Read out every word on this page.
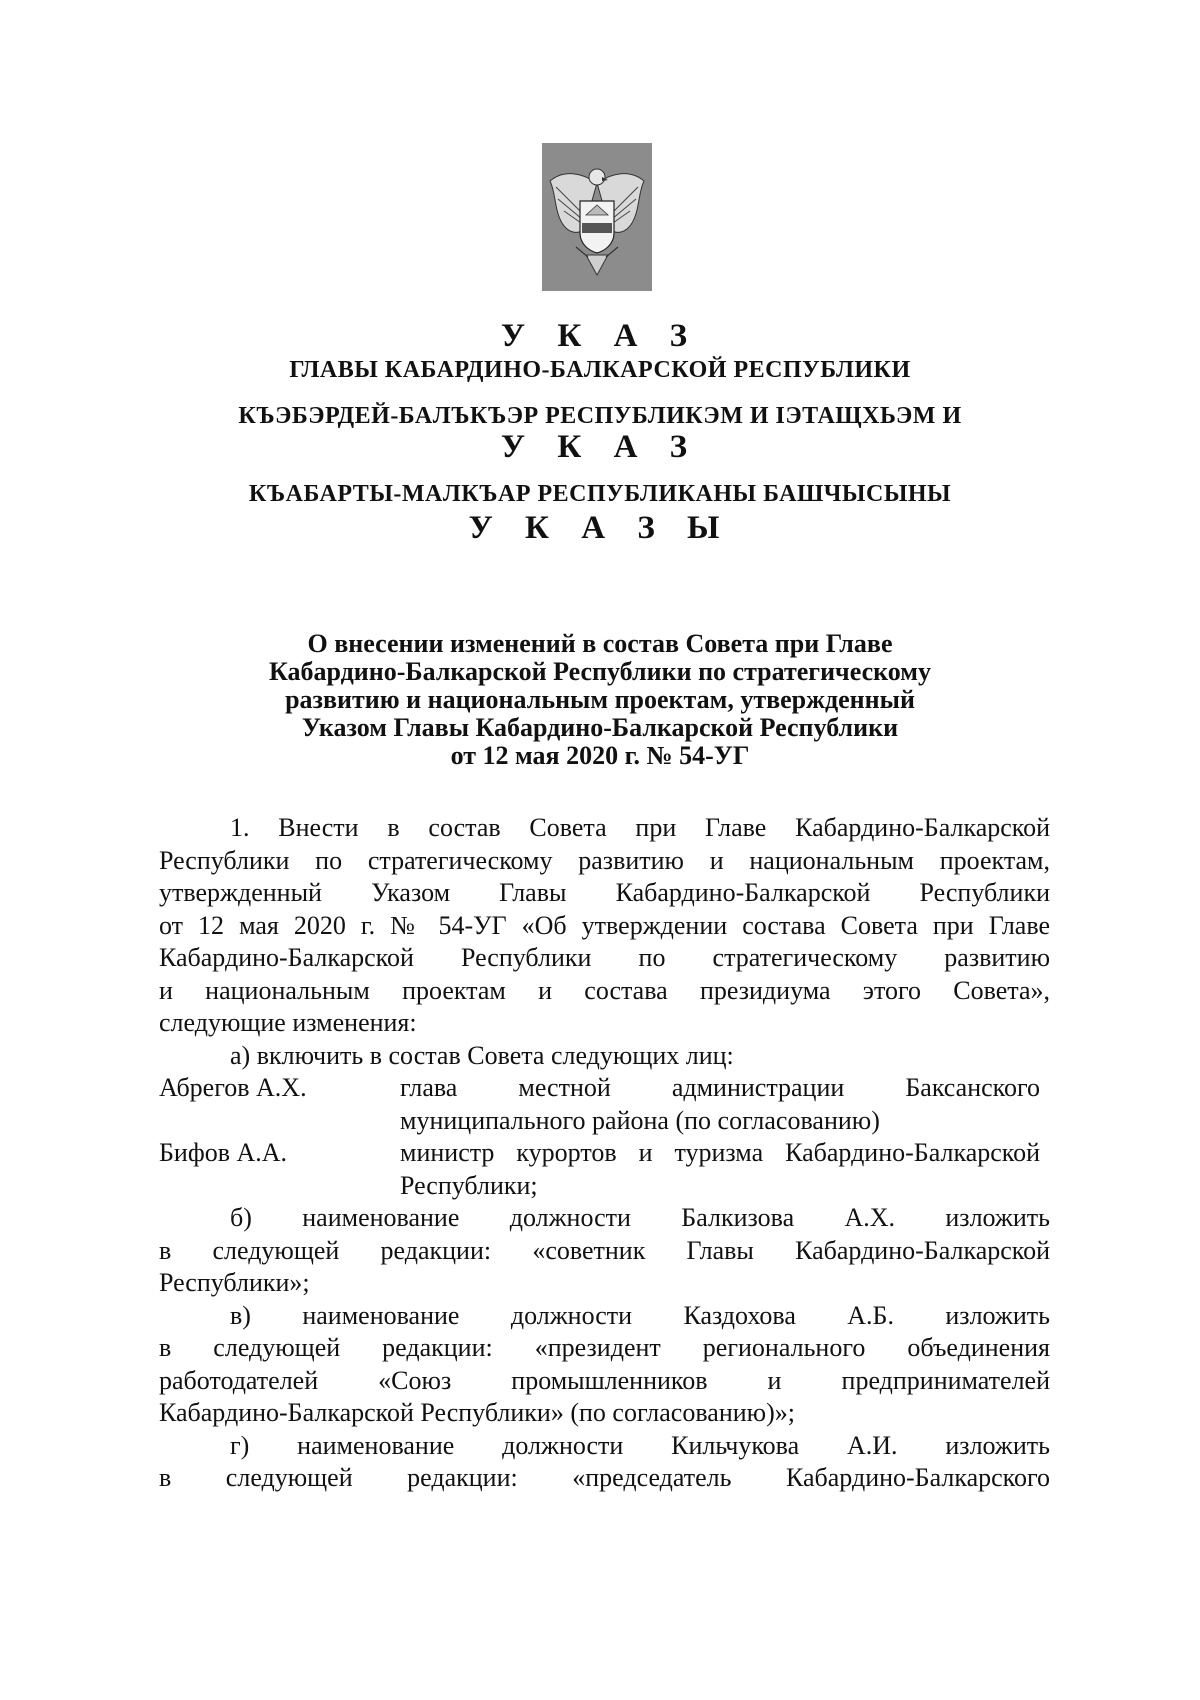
У К А З
ГЛАВЫ КАБАРДИНО-БАЛКАРСКОЙ РЕСПУБЛИКИ
КЪЭБЭРДЕЙ-БАЛЪКЪЭР РЕСПУБЛИКЭМ И ІЭТАЩХЬЭМ И
У К А З
КЪАБАРТЫ-МАЛКЪАР РЕСПУБЛИКАНЫ БАШЧЫСЫНЫ
У К А З Ы
О внесении изменений в состав Совета при Главе
Кабардино-Балкарской Республики по стратегическому
развитию и национальным проектам, утвержденный
Указом Главы Кабардино-Балкарской Республики
от 12 мая 2020 г. № 54-УГ
1. Внести в состав Совета при Главе Кабардино-Балкарской
Республики по стратегическому развитию и национальным проектам,
утвержденный Указом Главы Кабардино-Балкарской Республики
от 12 мая 2020 г. № 54-УГ «Об утверждении состава Совета при Главе
Кабардино-Балкарской Республики по стратегическому развитию
и национальным проектам и состава президиума этого Совета»,
следующие изменения:
а) включить в состав Совета следующих лиц:
Абрегов А.Х.	глава местной администрации Баксанского
муниципального района (по согласованию)
Бифов А.А.	министр курортов и туризма Кабардино-Балкарской
Республики;
б) наименование должности Балкизова А.Х. изложить
в следующей редакции: «советник Главы Кабардино-Балкарской
Республики»;
в) наименование должности Каздохова А.Б. изложить
в следующей редакции: «президент регионального объединения
работодателей «Союз промышленников и предпринимателей
Кабардино-Балкарской Республики» (по согласованию)»;
г) наименование должности Кильчукова А.И. изложить
в следующей редакции: «председатель Кабардино-Балкарского
